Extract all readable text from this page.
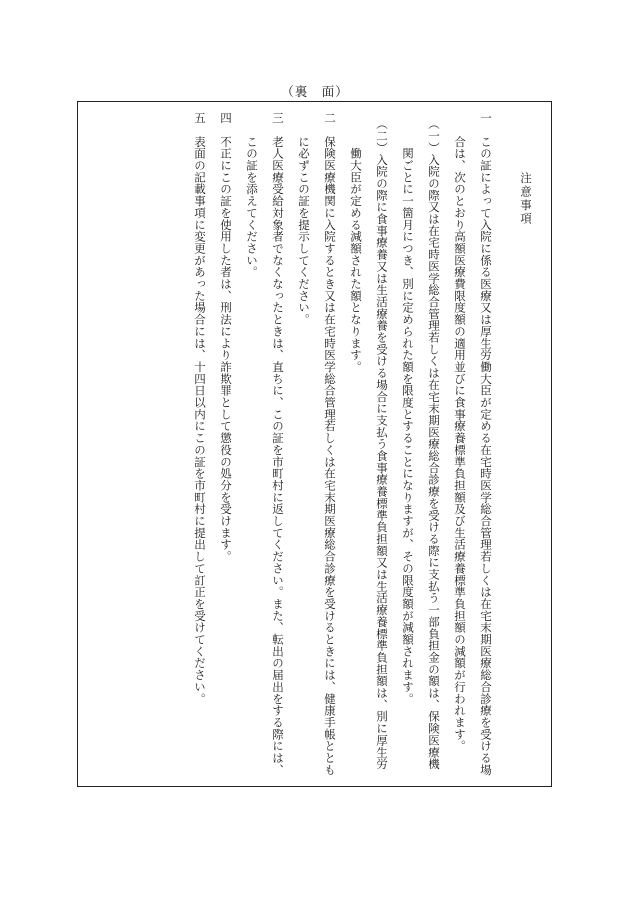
（裏　面）
注意事項
一　この証によって入院に係る医療又は厚生労働大臣が定める在宅時医学総合管理若しくは在宅末期医療総合診療を受ける場
　　合は、次のとおり高額医療費限度額の適用並びに食事療養標準負担額及び生活療養標準負担額の減額が行われます。
　（一）入院の際又は在宅時医学総合管理若しくは在宅末期医療総合診療を受ける際に支払う一部負担金の額は、保険医療機
　　　関ごとに一箇月につき、別に定められた額を限度とすることになりますが、その限度額が減額されます。
　（二）入院の際に食事療養又は生活療養を受ける場合に支払う食事療養標準負担額又は生活療養標準負担額は、別に厚生労
　　　働大臣が定める減額された額となります。
二　保険医療機関に入院するとき又は在宅時医学総合管理若しくは在宅末期医療総合診療を受けるときには、健康手帳ととも
　　に必ずこの証を提示してください。
三　老人医療受給対象者でなくなったときは、直ちに、この証を市町村に返してください。また、転出の届出をする際には、
　　この証を添えてください。
四　不正にこの証を使用した者は、刑法により詐欺罪として懲役の処分を受けます。
五　表面の記載事項に変更があった場合には、十四日以内にこの証を市町村に提出して訂正を受けてください。
